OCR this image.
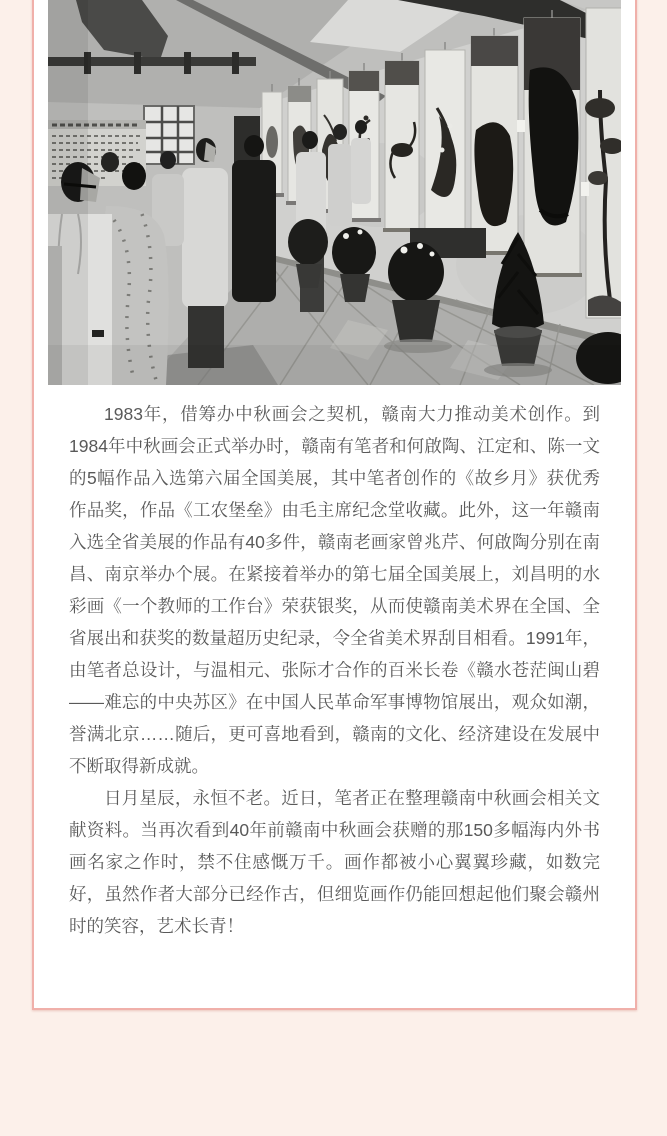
1983年，借筹办中秋画会之契机，赣南大力推动美术创作。到1984年中秋画会正式举办时，赣南有笔者和何啟陶、江定和、陈一文的5幅作品入选第六届全国美展，其中笔者创作的《故乡月》获优秀作品奖，作品《工农堡垒》由毛主席纪念堂收藏。此外，这一年赣南入选全省美展的作品有40多件，赣南老画家曾兆芹、何啟陶分别在南昌、南京举办个展。在紧接着举办的第七届全国美展上，刘昌明的水彩画《一个教师的工作台》荣获银奖，从而使赣南美术界在全国、全省展出和获奖的数量超历史纪录，令全省美术界刮目相看。1991年，由笔者总设计，与温相元、张际才合作的百米长卷《赣水苍茫闽山碧——难忘的中央苏区》在中国人民革命军事博物馆展出，观众如潮，誉满北京……随后，更可喜地看到，赣南的文化、经济建设在发展中不断取得新成就。

日月星辰，永恒不老。近日，笔者正在整理赣南中秋画会相关文献资料。当再次看到40年前赣南中秋画会获赠的那150多幅海内外书画名家之作时，禁不住感慨万千。画作都被小心翼翼珍藏，如数完好，虽然作者大部分已经作古，但细览画作仍能回想起他们聚会赣州时的笑容，艺术长青！
